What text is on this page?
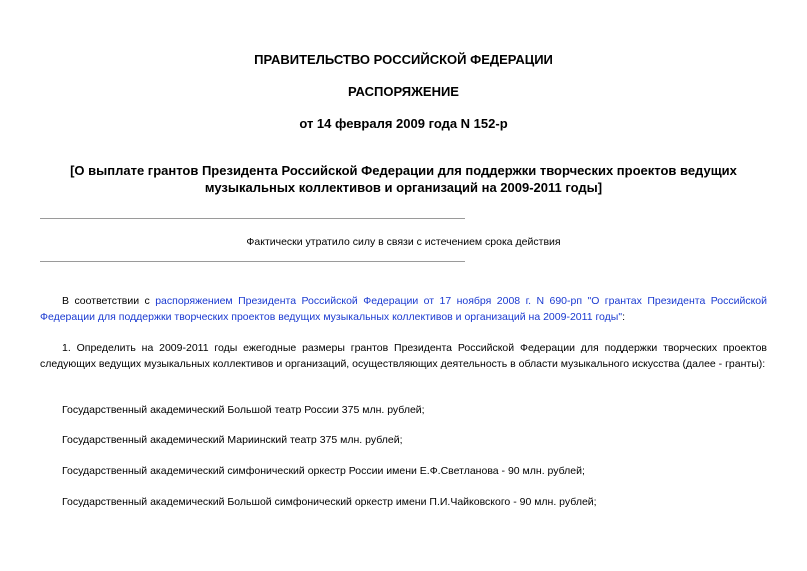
ПРАВИТЕЛЬСТВО РОССИЙСКОЙ ФЕДЕРАЦИИ

РАСПОРЯЖЕНИЕ

от 14 февраля 2009 года N 152-р

[О выплате грантов Президента Российской Федерации для поддержки творческих проектов ведущих музыкальных коллективов и организаций на 2009-2011 годы]

Фактически утратило силу в связи с истечением срока действия

В соответствии с распоряжением Президента Российской Федерации от 17 ноября 2008 г. N 690-рп "О грантах Президента Российской Федерации для поддержки творческих проектов ведущих музыкальных коллективов и организаций на 2009-2011 годы":

1. Определить на 2009-2011 годы ежегодные размеры грантов Президента Российской Федерации для поддержки творческих проектов следующих ведущих музыкальных коллективов и организаций, осуществляющих деятельность в области музыкального искусства (далее - гранты):

Государственный академический Большой театр России 375 млн. рублей;

Государственный академический Мариинский театр 375 млн. рублей;

Государственный академический симфонический оркестр России имени Е.Ф.Светланова - 90 млн. рублей;

Государственный академический Большой симфонический оркестр имени П.И.Чайковского - 90 млн. рублей;
